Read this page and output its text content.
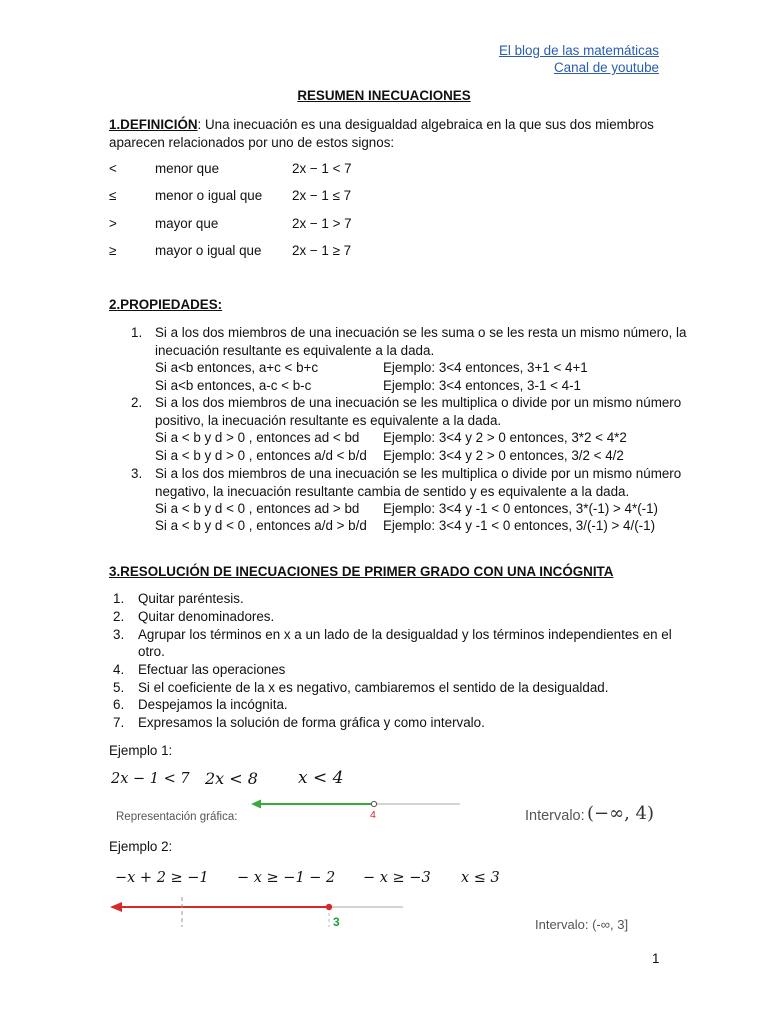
El blog de las matemáticas
Canal de youtube
RESUMEN INECUACIONES
1.DEFINICIÓN: Una inecuación es una desigualdad algebraica en la que sus dos miembros
aparecen relacionados por uno de estos signos:
<	menor que	2x − 1 < 7
≤	menor o igual que 2x − 1 ≤ 7
>	mayor que	2x − 1 > 7
≥	mayor o igual que 2x − 1 ≥ 7
2.PROPIEDADES:
1. Si a los dos miembros de una inecuación se les suma o se les resta un mismo número, la
inecuación resultante es equivalente a la dada.
Si a<b entonces, a+c < b+c	Ejemplo: 3<4 entonces, 3+1 < 4+1
Si a<b entonces, a-c < b-c	Ejemplo: 3<4 entonces, 3-1 < 4-1
2. Si a los dos miembros de una inecuación se les multiplica o divide por un mismo número
positivo, la inecuación resultante es equivalente a la dada.
Si a < b y d > 0 , entonces ad < bd Ejemplo: 3<4 y 2 > 0 entonces, 3*2 < 4*2
Si a < b y d > 0 , entonces a/d < b/d Ejemplo: 3<4 y 2 > 0 entonces, 3/2 < 4/2
3. Si a los dos miembros de una inecuación se les multiplica o divide por un mismo número
negativo, la inecuación resultante cambia de sentido y es equivalente a la dada.
Si a < b y d < 0 , entonces ad > bd Ejemplo: 3<4 y -1 < 0 entonces, 3*(-1) > 4*(-1)
Si a < b y d < 0 , entonces a/d > b/d Ejemplo: 3<4 y -1 < 0 entonces, 3/(-1) > 4/(-1)
3.RESOLUCIÓN DE INECUACIONES DE PRIMER GRADO CON UNA INCÓGNITA
1. Quitar paréntesis.
2. Quitar denominadores.
3. Agrupar los términos en x a un lado de la desigualdad y los términos independientes en el
otro.
4. Efectuar las operaciones
5. Si el coeficiente de la x es negativo, cambiaremos el sentido de la desigualdad.
6. Despejamos la incógnita.
7. Expresamos la solución de forma gráfica y como intervalo.
Ejemplo 1:
2x − 1 < 7 2x < 8 x < 4
4
Representación gráfica:	Intervalo: (−∞, 4)
Ejemplo 2:
−x + 2 ≥ −1 − x ≥ −1 − 2 − x ≥ −3 x ≤ 3
3	Intervalo: (-∞, 3]
1
